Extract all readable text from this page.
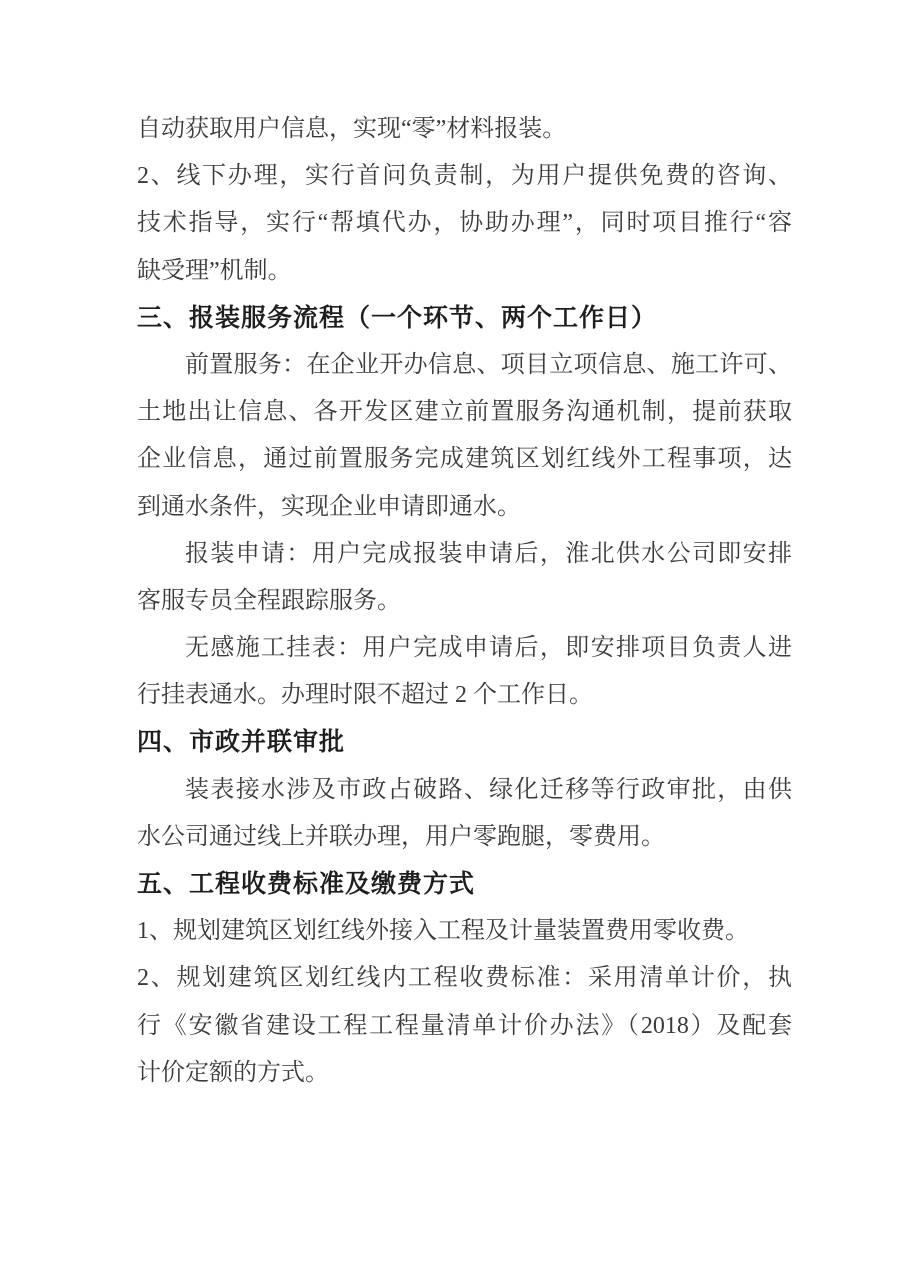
自动获取用户信息，实现“零”材料报装。
2、线下办理，实行首问负责制，为用户提供免费的咨询、
技术指导，实行“帮填代办，协助办理”，同时项目推行“容
缺受理”机制。
三、报装服务流程（一个环节、两个工作日）
前置服务：在企业开办信息、项目立项信息、施工许可、
土地出让信息、各开发区建立前置服务沟通机制，提前获取
企业信息，通过前置服务完成建筑区划红线外工程事项，达
到通水条件，实现企业申请即通水。
报装申请：用户完成报装申请后，淮北供水公司即安排
客服专员全程跟踪服务。
无感施工挂表：用户完成申请后，即安排项目负责人进
行挂表通水。办理时限不超过 2 个工作日。
四、市政并联审批
装表接水涉及市政占破路、绿化迁移等行政审批，由供
水公司通过线上并联办理，用户零跑腿，零费用。
五、工程收费标准及缴费方式
1、规划建筑区划红线外接入工程及计量装置费用零收费。
2、规划建筑区划红线内工程收费标准：采用清单计价，执
行《安徽省建设工程工程量清单计价办法》（2018）及配套
计价定额的方式。
